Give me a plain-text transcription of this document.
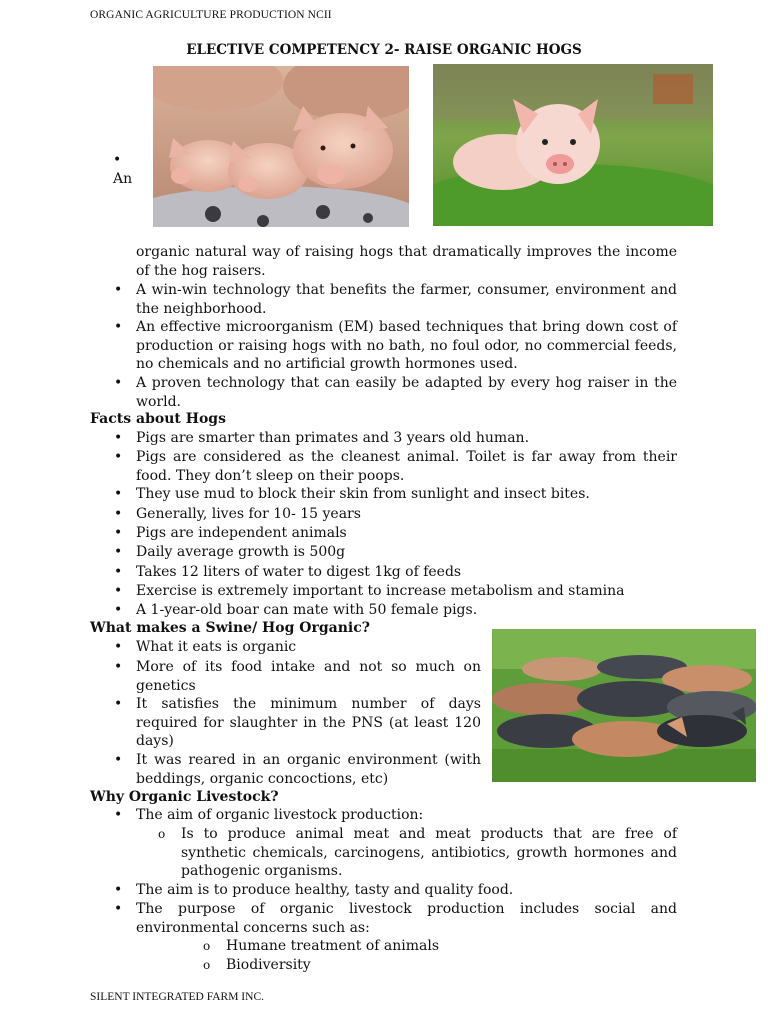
ORGANIC AGRICULTURE PRODUCTION NCII
ELECTIVE COMPETENCY 2- RAISE ORGANIC HOGS
•
An
organic natural way of raising hogs that dramatically improves the income of the hog raisers.
• A win-win technology that benefits the farmer, consumer, environment and the neighborhood.
• An effective microorganism (EM) based techniques that bring down cost of production or raising hogs with no bath, no foul odor, no commercial feeds, no chemicals and no artificial growth hormones used.
• A proven technology that can easily be adapted by every hog raiser in the world.
Facts about Hogs
• Pigs are smarter than primates and 3 years old human.
• Pigs are considered as the cleanest animal. Toilet is far away from their food. They don’t sleep on their poops.
• They use mud to block their skin from sunlight and insect bites.
• Generally, lives for 10- 15 years
• Pigs are independent animals
• Daily average growth is 500g
• Takes 12 liters of water to digest 1kg of feeds
• Exercise is extremely important to increase metabolism and stamina
• A 1-year-old boar can mate with 50 female pigs.
What makes a Swine/ Hog Organic?
• What it eats is organic
• More of its food intake and not so much on genetics
• It satisfies the minimum number of days required for slaughter in the PNS (at least 120 days)
• It was reared in an organic environment (with beddings, organic concoctions, etc)
Why Organic Livestock?
• The aim of organic livestock production:
o Is to produce animal meat and meat products that are free of synthetic chemicals, carcinogens, antibiotics, growth hormones and pathogenic organisms.
• The aim is to produce healthy, tasty and quality food.
• The purpose of organic livestock production includes social and environmental concerns such as:
o Humane treatment of animals
o Biodiversity
SILENT INTEGRATED FARM INC.
